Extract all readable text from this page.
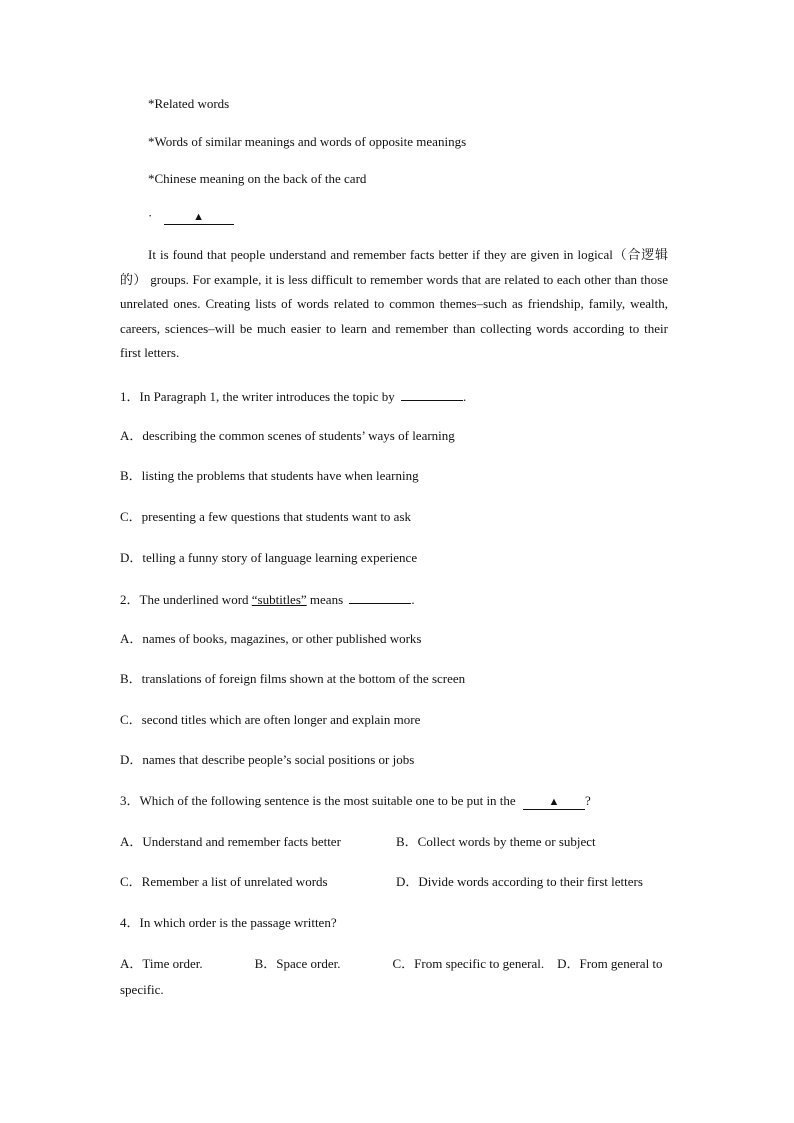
*Related words
*Words of similar meanings and words of opposite meanings
*Chinese meaning on the back of the card
·	▲
It is found that people understand and remember facts better if they are given in logical（合逻辑的） groups. For example, it is less difficult to remember words that are related to each other than those unrelated ones. Creating lists of words related to common themes–such as friendship, family, wealth, careers, sciences–will be much easier to learn and remember than collecting words according to their first letters.
1．In Paragraph 1, the writer introduces the topic by	.
A．describing the common scenes of students’ ways of learning
B．listing the problems that students have when learning
C．presenting a few questions that students want to ask
D．telling a funny story of language learning experience
2．The underlined word “subtitles” means	.
A．names of books, magazines, or other published works
B．translations of foreign films shown at the bottom of the screen
C．second titles which are often longer and explain more
D．names that describe people’s social positions or jobs
3．Which of the following sentence is the most suitable one to be put in the	▲ ?
A．Understand and remember facts better	B．Collect words by theme or subject
C．Remember a list of unrelated words	D．Divide words according to their first letters
4．In which order is the passage written?
A．Time order.　　　　B．Space order.　　　　C．From specific to general.　D．From general to specific.
